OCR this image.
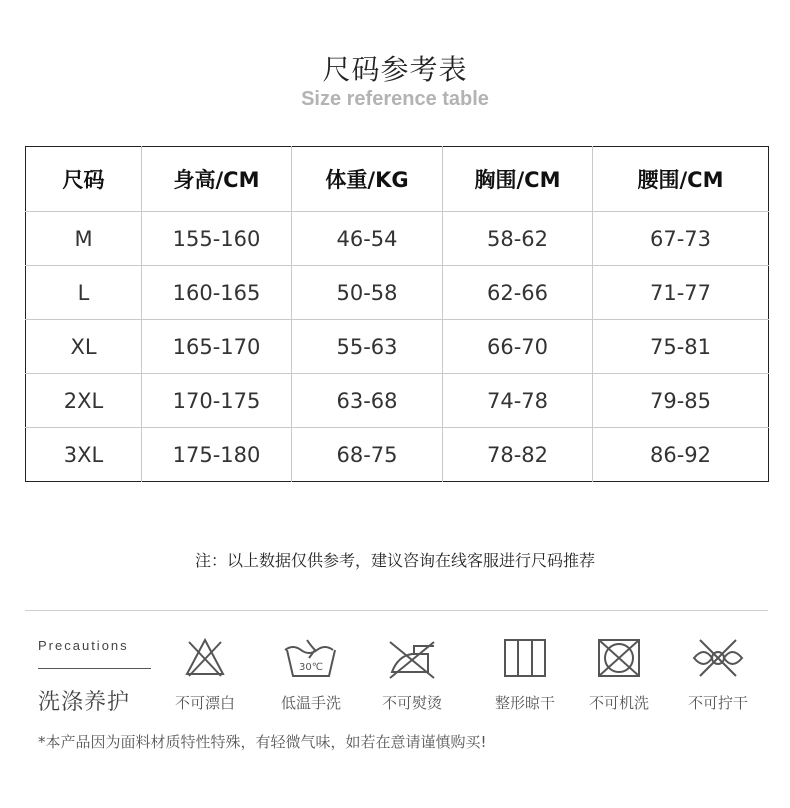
尺码参考表
Size reference table
尺码	身高/CM	体重/KG	胸围/CM	腰围/CM
M	155-160	46-54	58-62	67-73
L	160-165	50-58	62-66	71-77
XL	165-170	55-63	66-70	75-81
2XL	170-175	63-68	74-78	79-85
3XL	175-180	68-75	78-82	86-92
注：以上数据仅供参考，建议咨询在线客服进行尺码推荐
Precautions
洗涤养护	不可漂白
30℃
低温手洗	不可熨烫	整形晾干	不可机洗	不可拧干
*本产品因为面料材质特性特殊，有轻微气味，如若在意请谨慎购买!
